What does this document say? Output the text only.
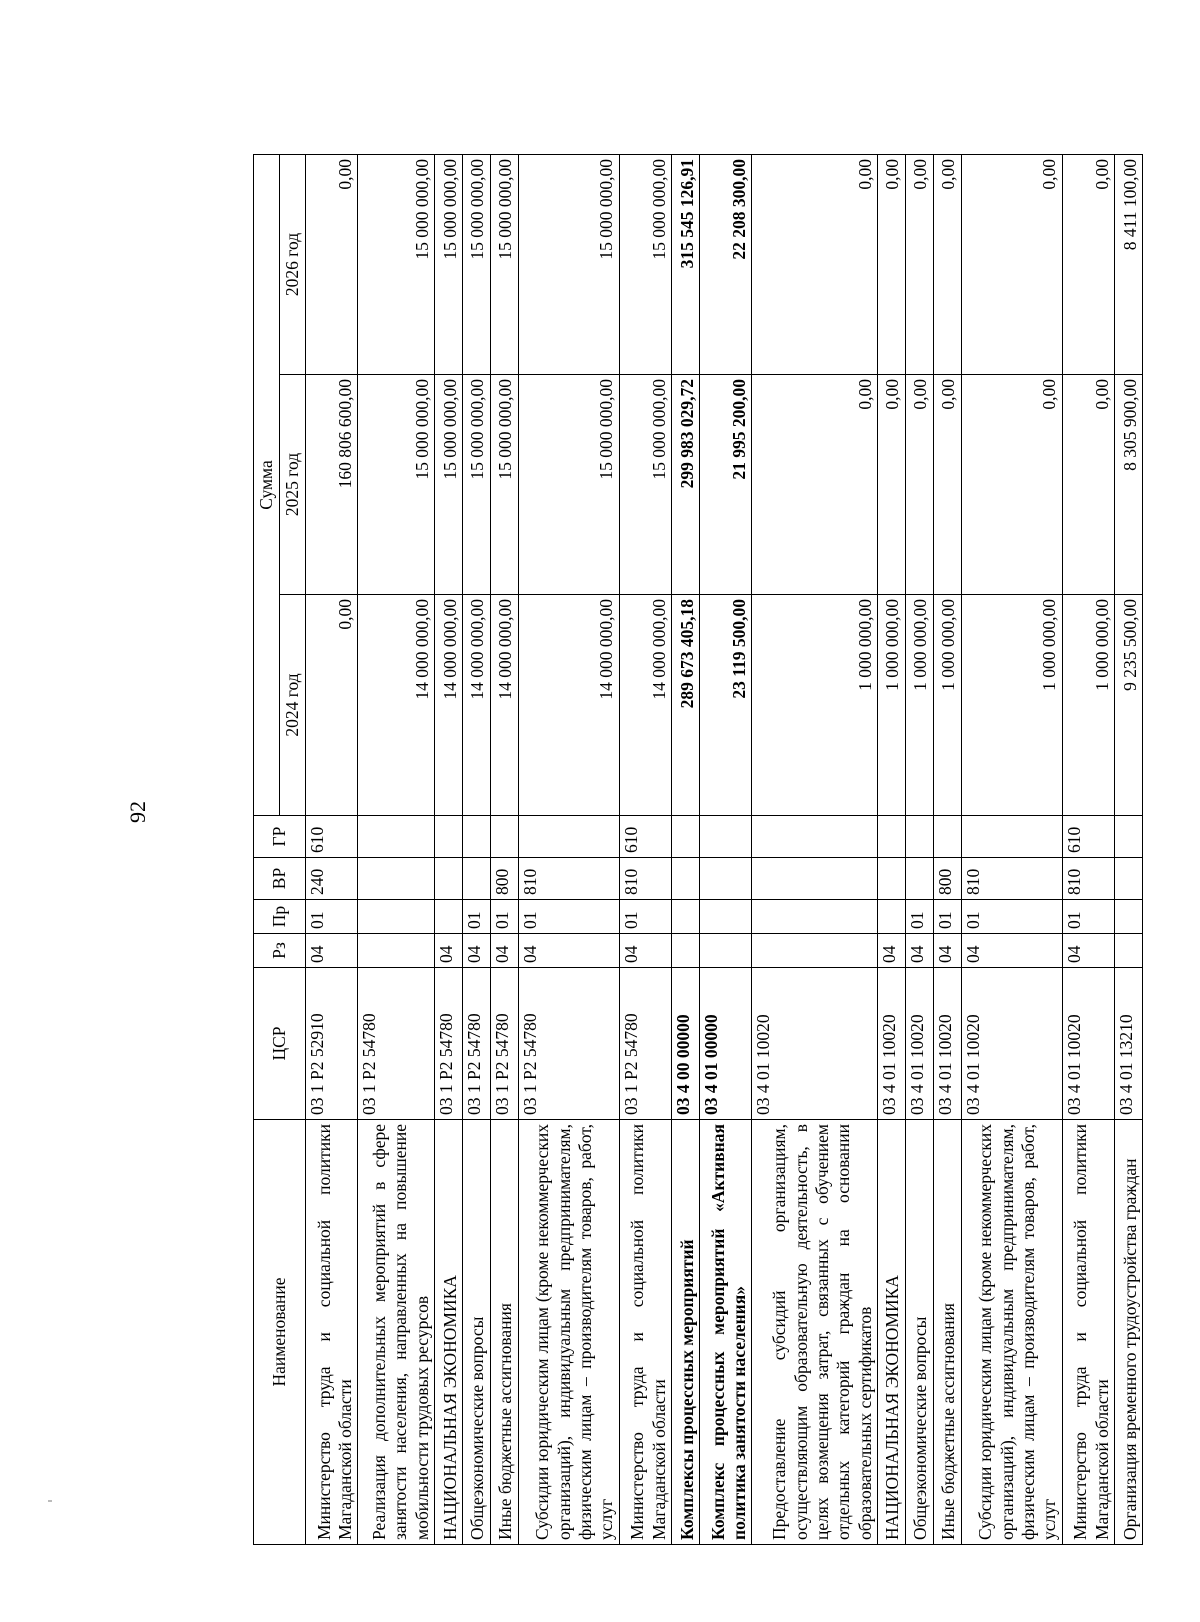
92
Наименование	ЦСР	Рз	Пр	ВР	ГР	Сумма		
						2024 год	2025 год	2026 год
Министерство труда и социальной политики Магаданской области	03 1 Р2 52910	04	01	240	610	0,00	160 806 600,00	0,00
Реализация дополнительных мероприятий в сфере занятости населения, направленных на повышение мобильности трудовых ресурсов	03 1 Р2 54780					14 000 000,00	15 000 000,00	15 000 000,00
НАЦИОНАЛЬНАЯ ЭКОНОМИКА	03 1 Р2 54780	04				14 000 000,00	15 000 000,00	15 000 000,00
Общеэкономические вопросы	03 1 Р2 54780	04	01			14 000 000,00	15 000 000,00	15 000 000,00
Иные бюджетные ассигнования	03 1 Р2 54780	04	01	800		14 000 000,00	15 000 000,00	15 000 000,00
Субсидии юридическим лицам (кроме некоммерческих организаций), индивидуальным предпринимателям, физическим лицам – производителям товаров, работ, услуг	03 1 Р2 54780	04	01	810		14 000 000,00	15 000 000,00	15 000 000,00
Министерство труда и социальной политики Магаданской области	03 1 Р2 54780	04	01	810	610	14 000 000,00	15 000 000,00	15 000 000,00
Комплексы процессных мероприятий	03 4 00 00000					289 673 405,18	299 983 029,72	315 545 126,91
Комплекс процессных мероприятий «Активная политика занятости населения»	03 4 01 00000					23 119 500,00	21 995 200,00	22 208 300,00
Предоставление субсидий организациям, осуществляющим образовательную деятельность, в целях возмещения затрат, связанных с обучением отдельных категорий граждан на основании образовательных сертификатов	03 4 01 10020					1 000 000,00	0,00	0,00
НАЦИОНАЛЬНАЯ ЭКОНОМИКА	03 4 01 10020	04				1 000 000,00	0,00	0,00
Общеэкономические вопросы	03 4 01 10020	04	01			1 000 000,00	0,00	0,00
Иные бюджетные ассигнования	03 4 01 10020	04	01	800		1 000 000,00	0,00	0,00
Субсидии юридическим лицам (кроме некоммерческих организаций), индивидуальным предпринимателям, физическим лицам – производителям товаров, работ, услуг	03 4 01 10020	04	01	810		1 000 000,00	0,00	0,00
Министерство труда и социальной политики Магаданской области	03 4 01 10020	04	01	810	610	1 000 000,00	0,00	0,00
Организация временного трудоустройства граждан	03 4 01 13210					9 235 500,00	8 305 900,00	8 411 100,00
